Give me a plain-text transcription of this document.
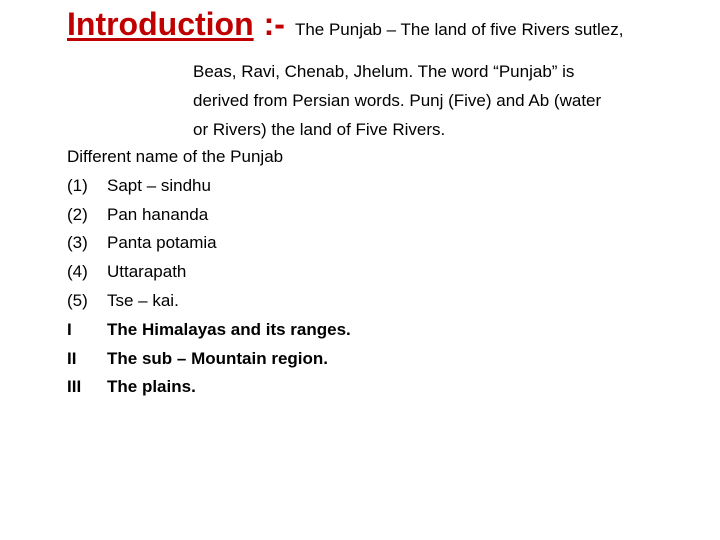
Introduction :- The Punjab – The land of five Rivers sutlez,
Beas, Ravi, Chenab, Jhelum. The word “Punjab” is
derived from Persian words. Punj (Five) and Ab (water
or Rivers) the land of Five Rivers.
Different name of the Punjab
(1)	Sapt – sindhu
(2)	Pan hananda
(3)	Panta potamia
(4)	Uttarapath
(5)	Tse – kai.
I	The Himalayas and its ranges.
II	The sub – Mountain region.
III	The plains.
